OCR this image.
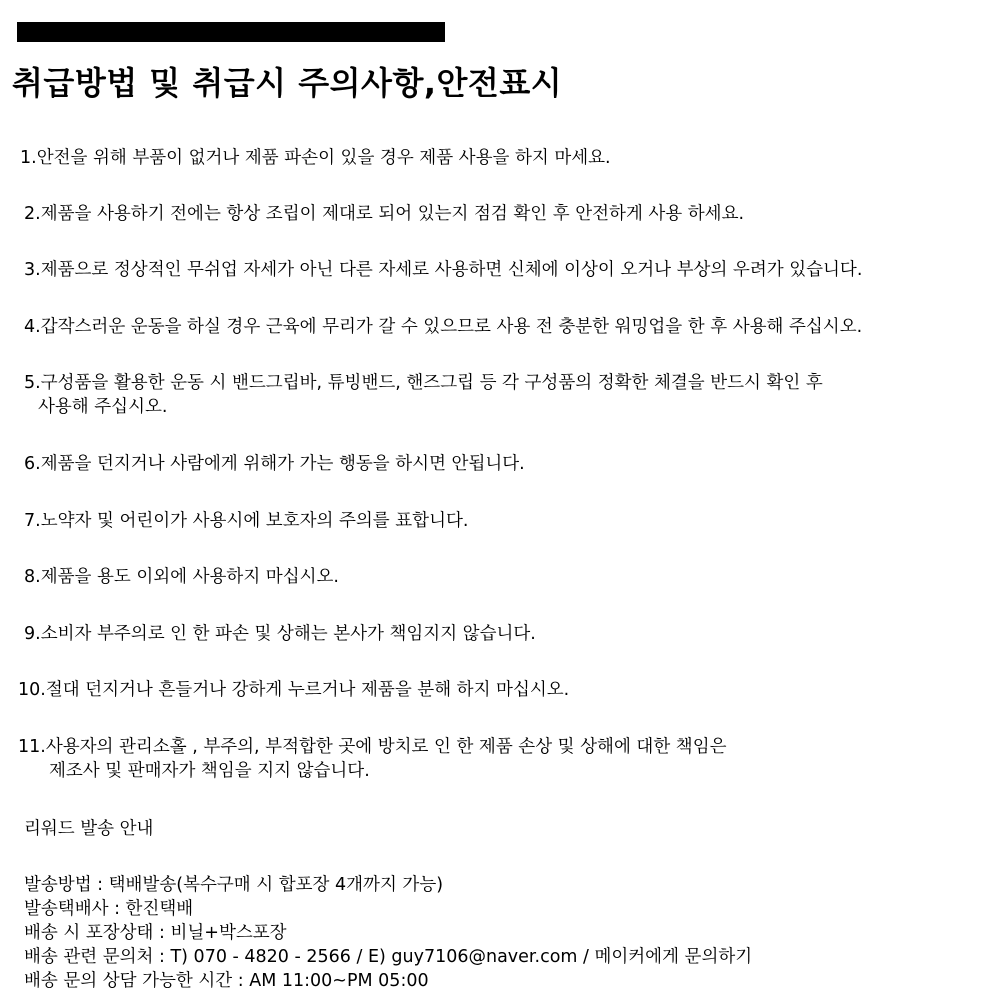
취급방법 및 취급시 주의사항,안전표시
1.안전을 위해 부품이 없거나 제품 파손이 있을 경우 제품 사용을 하지 마세요.
2.제품을 사용하기 전에는 항상 조립이 제대로 되어 있는지 점검 확인 후 안전하게 사용 하세요.
3.제품으로 정상적인 무쉬업 자세가 아닌 다른 자세로 사용하면 신체에 이상이 오거나 부상의 우려가 있습니다.
4.갑작스러운 운동을 하실 경우 근육에 무리가 갈 수 있으므로 사용 전 충분한 워밍업을 한 후 사용해 주십시오.
5.구성품을 활용한 운동 시 밴드그립바, 튜빙밴드, 핸즈그립 등 각 구성품의 정확한 체결을 반드시 확인 후
사용해 주십시오.
6.제품을 던지거나 사람에게 위해가 가는 행동을 하시면 안됩니다.
7.노약자 및 어린이가 사용시에 보호자의 주의를 표합니다.
8.제품을 용도 이외에 사용하지 마십시오.
9.소비자 부주의로 인 한 파손 및 상해는 본사가 책임지지 않습니다.
10.절대 던지거나 흔들거나 강하게 누르거나 제품을 분해 하지 마십시오.
11.사용자의 관리소홀 , 부주의, 부적합한 곳에 방치로 인 한 제품 손상 및 상해에 대한 책임은
제조사 및 판매자가 책임을 지지 않습니다.
리워드 발송 안내
발송방법 : 택배발송(복수구매 시 합포장 4개까지 가능)
발송택배사 : 한진택배
배송 시 포장상태 : 비닐+박스포장
배송 관련 문의처 : T) 070 - 4820 - 2566 / E) guy7106@naver.com / 메이커에게 문의하기
배송 문의 상담 가능한 시간 : AM 11:00~PM 05:00
